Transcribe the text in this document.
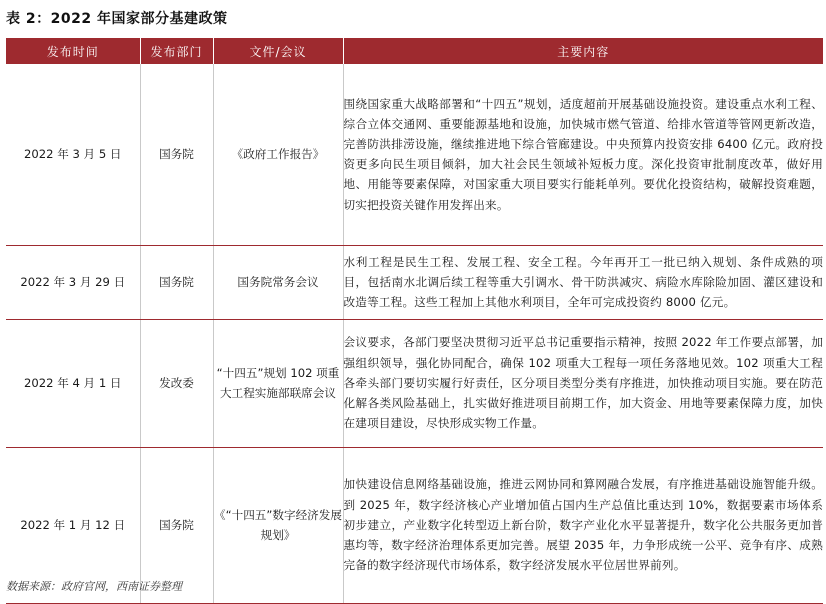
表 2：2022 年国家部分基建政策
发布时间	发布部门	文件/会议	主要内容
2022 年 3 月 5 日	国务院	《政府工作报告》	围绕国家重大战略部署和“十四五”规划，适度超前开展基础设施投资。建设重点水利工程、综合立体交通网、重要能源基地和设施，加快城市燃气管道、给排水管道等管网更新改造，完善防洪排涝设施，继续推进地下综合管廊建设。中央预算内投资安排 6400 亿元。政府投资更多向民生项目倾斜，加大社会民生领域补短板力度。深化投资审批制度改革，做好用地、用能等要素保障，对国家重大项目要实行能耗单列。要优化投资结构，破解投资难题，切实把投资关键作用发挥出来。
2022 年 3 月 29 日	国务院	国务院常务会议	水利工程是民生工程、发展工程、安全工程。今年再开工一批已纳入规划、条件成熟的项目，包括南水北调后续工程等重大引调水、骨干防洪减灾、病险水库除险加固、灌区建设和改造等工程。这些工程加上其他水利项目，全年可完成投资约 8000 亿元。
2022 年 4 月 1 日	发改委	“十四五”规划 102 项重大工程实施部联席会议	会议要求，各部门要坚决贯彻习近平总书记重要指示精神，按照 2022 年工作要点部署，加强组织领导，强化协同配合，确保 102 项重大工程每一项任务落地见效。102 项重大工程各牵头部门要切实履行好责任，区分项目类型分类有序推进，加快推动项目实施。要在防范化解各类风险基础上，扎实做好推进项目前期工作，加大资金、用地等要素保障力度，加快在建项目建设，尽快形成实物工作量。
2022 年 1 月 12 日	国务院	《“十四五”数字经济发展规划》	加快建设信息网络基础设施，推进云网协同和算网融合发展，有序推进基础设施智能升级。到 2025 年，数字经济核心产业增加值占国内生产总值比重达到 10%，数据要素市场体系初步建立，产业数字化转型迈上新台阶，数字产业化水平显著提升，数字化公共服务更加普惠均等，数字经济治理体系更加完善。展望 2035 年，力争形成统一公平、竞争有序、成熟完备的数字经济现代市场体系，数字经济发展水平位居世界前列。
数据来源：政府官网，西南证券整理
